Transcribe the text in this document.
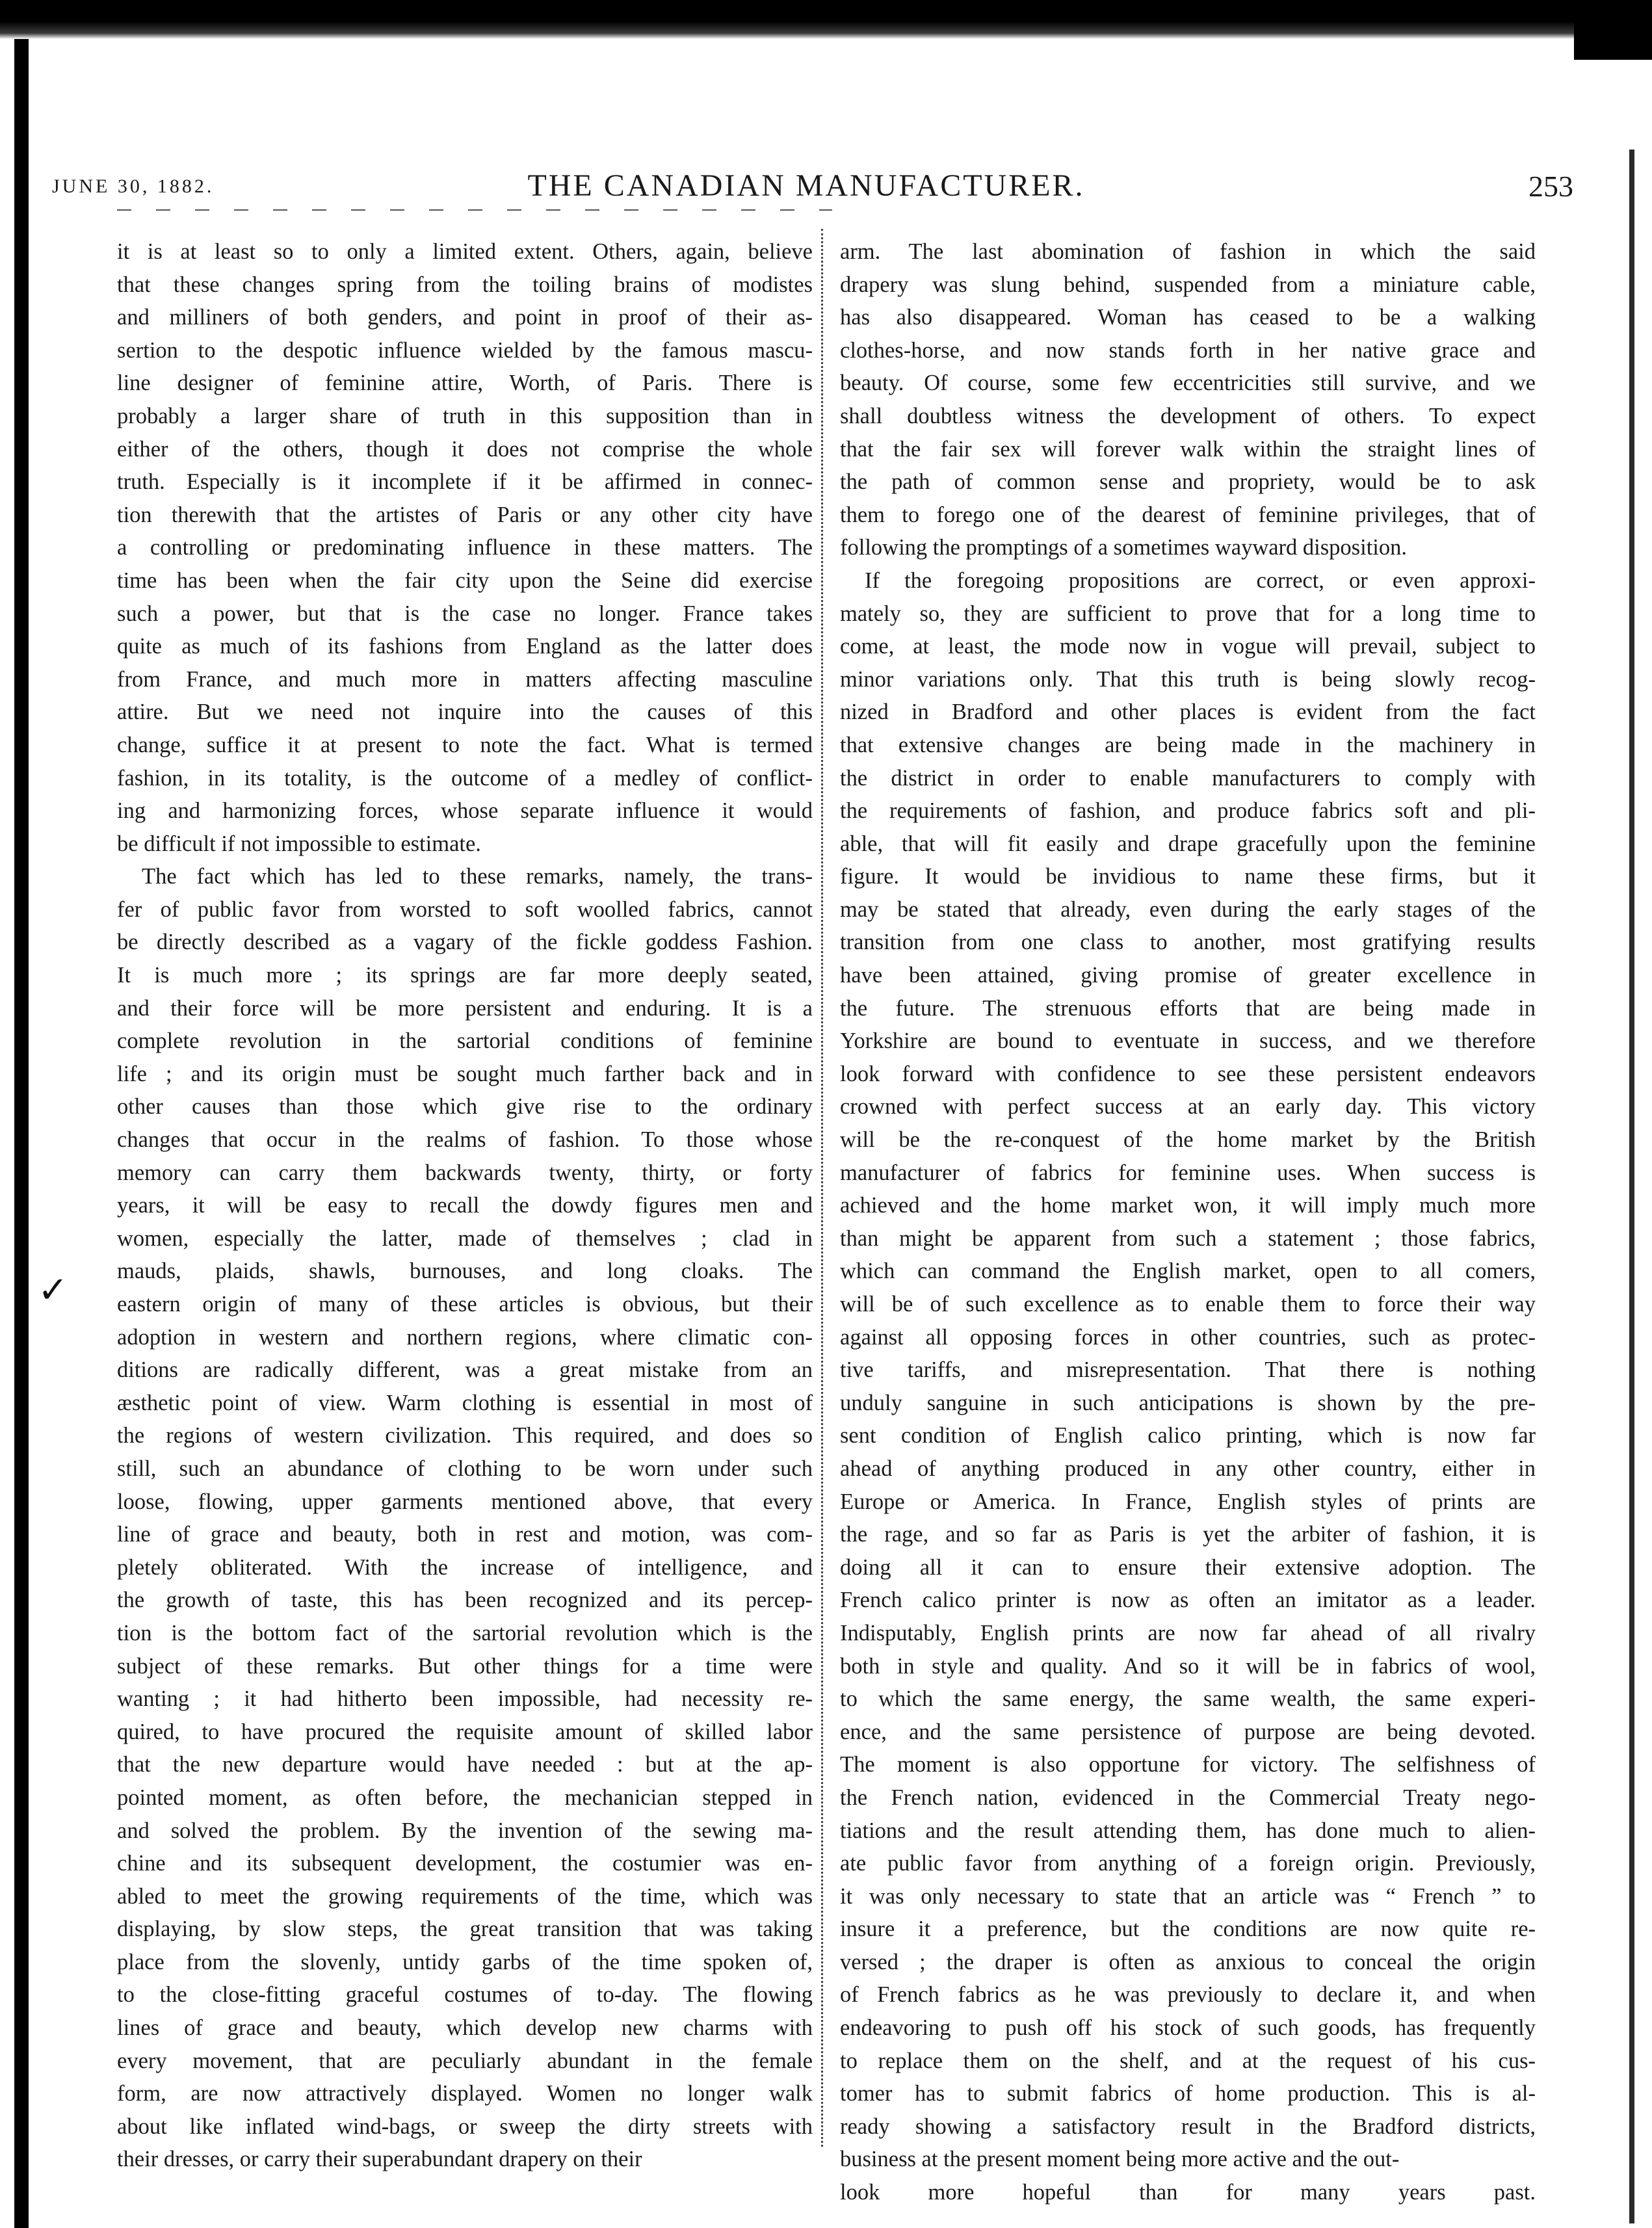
JUNE 30, 1882.	THE CANADIAN MANUFACTURER.	253
✓
it is at least so to only a limited extent. Others, again, believe
that these changes spring from the toiling brains of modistes
and milliners of both genders, and point in proof of their as-
sertion to the despotic influence wielded by the famous mascu-
line designer of feminine attire, Worth, of Paris. There is
probably a larger share of truth in this supposition than in
either of the others, though it does not comprise the whole
truth. Especially is it incomplete if it be affirmed in connec-
tion therewith that the artistes of Paris or any other city have
a controlling or predominating influence in these matters. The
time has been when the fair city upon the Seine did exercise
such a power, but that is the case no longer. France takes
quite as much of its fashions from England as the latter does
from France, and much more in matters affecting masculine
attire. But we need not inquire into the causes of this
change, suffice it at present to note the fact. What is termed
fashion, in its totality, is the outcome of a medley of conflict-
ing and harmonizing forces, whose separate influence it would
be difficult if not impossible to estimate.
The fact which has led to these remarks, namely, the trans-
fer of public favor from worsted to soft woolled fabrics, cannot
be directly described as a vagary of the fickle goddess Fashion.
It is much more ; its springs are far more deeply seated,
and their force will be more persistent and enduring. It is a
complete revolution in the sartorial conditions of feminine
life ; and its origin must be sought much farther back and in
other causes than those which give rise to the ordinary
changes that occur in the realms of fashion. To those whose
memory can carry them backwards twenty, thirty, or forty
years, it will be easy to recall the dowdy figures men and
women, especially the latter, made of themselves ; clad in
mauds, plaids, shawls, burnouses, and long cloaks. The
eastern origin of many of these articles is obvious, but their
adoption in western and northern regions, where climatic con-
ditions are radically different, was a great mistake from an
æsthetic point of view. Warm clothing is essential in most of
the regions of western civilization. This required, and does so
still, such an abundance of clothing to be worn under such
loose, flowing, upper garments mentioned above, that every
line of grace and beauty, both in rest and motion, was com-
pletely obliterated. With the increase of intelligence, and
the growth of taste, this has been recognized and its percep-
tion is the bottom fact of the sartorial revolution which is the
subject of these remarks. But other things for a time were
wanting ; it had hitherto been impossible, had necessity re-
quired, to have procured the requisite amount of skilled labor
that the new departure would have needed : but at the ap-
pointed moment, as often before, the mechanician stepped in
and solved the problem. By the invention of the sewing ma-
chine and its subsequent development, the costumier was en-
abled to meet the growing requirements of the time, which was
displaying, by slow steps, the great transition that was taking
place from the slovenly, untidy garbs of the time spoken of,
to the close-fitting graceful costumes of to-day. The flowing
lines of grace and beauty, which develop new charms with
every movement, that are peculiarly abundant in the female
form, are now attractively displayed. Women no longer walk
about like inflated wind-bags, or sweep the dirty streets with
their dresses, or carry their superabundant drapery on their
arm. The last abomination of fashion in which the said
drapery was slung behind, suspended from a miniature cable,
has also disappeared. Woman has ceased to be a walking
clothes-horse, and now stands forth in her native grace and
beauty. Of course, some few eccentricities still survive, and we
shall doubtless witness the development of others. To expect
that the fair sex will forever walk within the straight lines of
the path of common sense and propriety, would be to ask
them to forego one of the dearest of feminine privileges, that of
following the promptings of a sometimes wayward disposition.
If the foregoing propositions are correct, or even approxi-
mately so, they are sufficient to prove that for a long time to
come, at least, the mode now in vogue will prevail, subject to
minor variations only. That this truth is being slowly recog-
nized in Bradford and other places is evident from the fact
that extensive changes are being made in the machinery in
the district in order to enable manufacturers to comply with
the requirements of fashion, and produce fabrics soft and pli-
able, that will fit easily and drape gracefully upon the feminine
figure. It would be invidious to name these firms, but it
may be stated that already, even during the early stages of the
transition from one class to another, most gratifying results
have been attained, giving promise of greater excellence in
the future. The strenuous efforts that are being made in
Yorkshire are bound to eventuate in success, and we therefore
look forward with confidence to see these persistent endeavors
crowned with perfect success at an early day. This victory
will be the re-conquest of the home market by the British
manufacturer of fabrics for feminine uses. When success is
achieved and the home market won, it will imply much more
than might be apparent from such a statement ; those fabrics,
which can command the English market, open to all comers,
will be of such excellence as to enable them to force their way
against all opposing forces in other countries, such as protec-
tive tariffs, and misrepresentation. That there is nothing
unduly sanguine in such anticipations is shown by the pre-
sent condition of English calico printing, which is now far
ahead of anything produced in any other country, either in
Europe or America. In France, English styles of prints are
the rage, and so far as Paris is yet the arbiter of fashion, it is
doing all it can to ensure their extensive adoption. The
French calico printer is now as often an imitator as a leader.
Indisputably, English prints are now far ahead of all rivalry
both in style and quality. And so it will be in fabrics of wool,
to which the same energy, the same wealth, the same experi-
ence, and the same persistence of purpose are being devoted.
The moment is also opportune for victory. The selfishness of
the French nation, evidenced in the Commercial Treaty nego-
tiations and the result attending them, has done much to alien-
ate public favor from anything of a foreign origin. Previously,
it was only necessary to state that an article was “ French ” to
insure it a preference, but the conditions are now quite re-
versed ; the draper is often as anxious to conceal the origin
of French fabrics as he was previously to declare it, and when
endeavoring to push off his stock of such goods, has frequently
to replace them on the shelf, and at the request of his cus-
tomer has to submit fabrics of home production. This is al-
ready showing a satisfactory result in the Bradford districts,
business at the present moment being more active and the out-
look more hopeful than for many years past.
